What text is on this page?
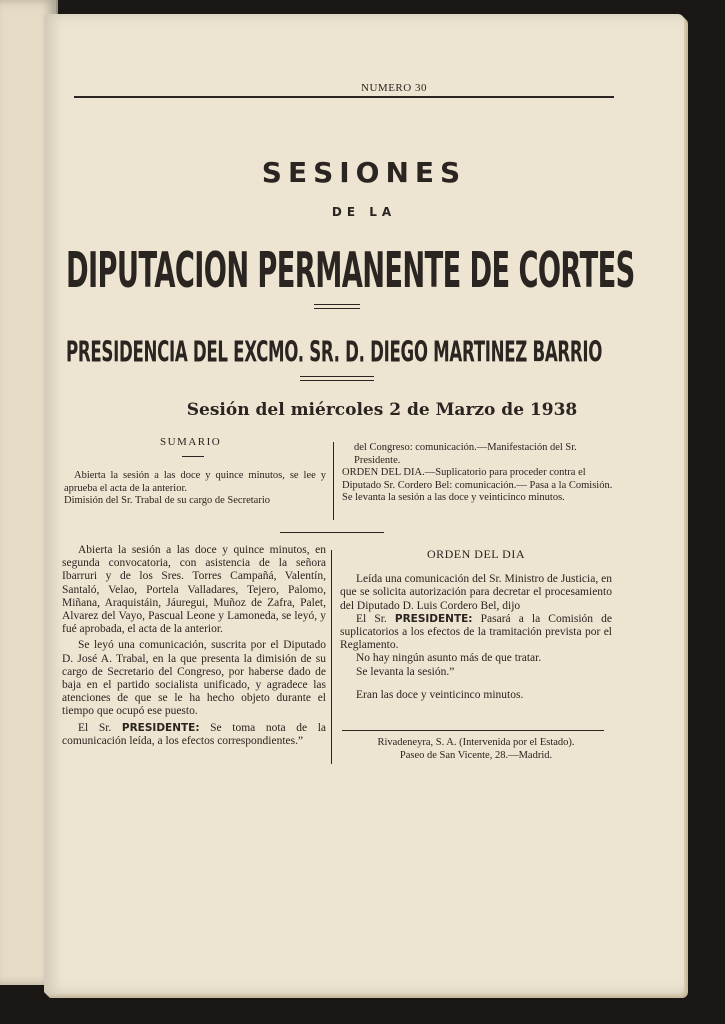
NUMERO 30
SESIONES
DE LA
DIPUTACION PERMANENTE DE CORTES
PRESIDENCIA DEL EXCMO. SR. D. DIEGO MARTINEZ BARRIO
Sesión del miércoles 2 de Marzo de 1938
SUMARIO

Abierta la sesión a las doce y quince minutos, se lee y aprueba el acta de la anterior.

Dimisión del Sr. Trabal de su cargo de Secretario

del Congreso: comunicación.—Manifestación del Sr. Presidente.

ORDEN DEL DIA.—Suplicatorio para proceder contra el Diputado Sr. Cordero Bel: comunicación.— Pasa a la Comisión.

Se levanta la sesión a las doce y veinticinco minutos.

Abierta la sesión a las doce y quince minutos, en segunda convocatoria, con asistencia de la señora Ibarruri y de los Sres. Torres Campañá, Valentín, Santaló, Velao, Portela Valladares, Tejero, Palomo, Miñana, Araquistáin, Jáuregui, Muñoz de Zafra, Palet, Alvarez del Vayo, Pascual Leone y Lamoneda, se leyó, y fué aprobada, el acta de la anterior.

Se leyó una comunicación, suscrita por el Diputado D. José A. Trabal, en la que presenta la dimisión de su cargo de Secretario del Congreso, por haberse dado de baja en el partido socialista unificado, y agradece las atenciones de que se le ha hecho objeto durante el tiempo que ocupó ese puesto.

El Sr. PRESIDENTE: Se toma nota de la comunicación leída, a los efectos correspondientes.”

ORDEN DEL DIA

Leída una comunicación del Sr. Ministro de Justicia, en que se solicita autorización para decretar el procesamiento del Diputado D. Luis Cordero Bel, dijo

El Sr. PRESIDENTE: Pasará a la Comisión de suplicatorios a los efectos de la tramitación prevista por el Reglamento.

No hay ningún asunto más de que tratar.

Se levanta la sesión.”

Eran las doce y veinticinco minutos.

Rivadeneyra, S. A. (Intervenida por el Estado).

Paseo de San Vicente, 28.—Madrid.
